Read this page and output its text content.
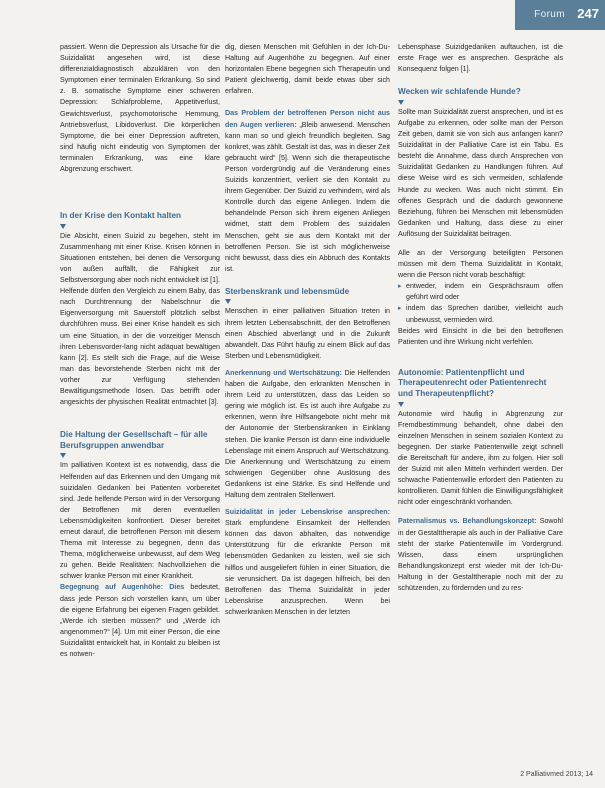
Forum 247

passiert. Wenn die Depression als Ursache für die Suizidalität angesehen wird, ist diese differenzialdiagnostisch abzuklären von den Symptomen einer terminalen Erkrankung. So sind z. B. somatische Symptome einer schweren Depression: Schlafprobleme, Appetitverlust, Gewichtsverlust, psychomotorische Hemmung, Antriebsverlust, Libidoverlust. Die körperlichen Symptome, die bei einer Depression auftreten, sind häufig nicht eindeutig von Symptomen der terminalen Erkrankung, was eine klare Abgrenzung erschwert.

In der Krise den Kontakt halten

Die Absicht, einen Suizid zu begehen, steht im Zusammenhang mit einer Krise. Krisen können in Situationen entstehen, bei denen die Versorgung von außen auffällt, die Fähigkeit zur Selbstversorgung aber noch nicht entwickelt ist [1]. Helfende dürfen den Vergleich zu einem Baby, das nach Durchtrennung der Nabelschnur die Eigenversorgung mit Sauerstoff plötzlich selbst durchführen muss. Bei einer Krise handelt es sich um eine Situation, in der die vorzeitiger Mensch ihren Lebensvorder-lang nicht adäquat bewältigen kann [2]. Es stellt sich die Frage, auf die Weise man das bevorstehende Sterben nicht mit der vorher zur Verfügung stehenden Bewältigungsmethode lösen. Das betrifft oder angesichts der physischen Realität entmachtet [3].

Die Haltung der Gesellschaft – für alle Berufsgruppen anwendbar

Im palliativen Kontext ist es notwendig, dass die Helfenden auf das Erkennen und den Umgang mit suizidalen Gedanken bei Patienten vorbereitet sind. Jede helfende Person wird in der Versorgung der Betroffenen mit deren eventuellen Lebensmüdigkeiten konfrontiert. Dieser bereitet erneut darauf, die betroffenen Person mit diesem Thema mit Interesse zu begegnen, denn das Thema, möglicherweise unbewusst, auf dem Weg zu gehen. Beide Realitäten: Nachvollziehen die schwer kranke Person mit einer Krankheit.

Begegnung auf Augenhöhe: Dies bedeutet, dass jede Person sich vorstellen kann, um über die eigene Erfahrung bei eigenen Fragen gebildet. „Werde ich sterben müssen?“ und „Werde ich angenommen?“ [4]. Um mit einer Person, die eine Suizidalität entwickelt hat, in Kontakt zu bleiben ist es notwen-

dig, diesen Menschen mit Gefühlen in der Ich-Du-Haltung auf Augenhöhe zu begegnen. Auf einer horizontalen Ebene begegnen sich Therapeutin und Patient gleichwertig, damit beide etwas über sich erfahren.

Das Problem der betroffenen Person nicht aus den Augen verlieren: „Bleib anwesend. Menschen kann man so und gleich freundlich begleiten. Sag konkret, was zählt. Gestalt ist das, was in dieser Zeit gebraucht wird“ [5]. Wenn sich die therapeutische Person vordergründig auf die Veränderung eines Suizids konzentriert, verliert sie den Kontakt zu ihrem Gegenüber. Der Suizid zu verhindern, wird als Kontrolle durch das eigene Anliegen. Indem die behandelnde Person sich ihrem eigenen Anliegen widmet, statt dem Problem des suizidalen Menschen, geht sie aus dem Kontakt mit der betroffenen Person. Sie ist sich möglicherweise nicht bewusst, dass dies ein Abbruch des Kontakts ist.

Sterbenskrank und lebensmüde

Menschen in einer palliativen Situation treten in ihrem letzten Lebensabschnitt, der den Betroffenen einen Abschied abverlangt und in die Zukunft abwandelt. Das Führt häufig zu einem Blick auf das Sterben und Lebensmüdigkeit.

Anerkennung und Wertschätzung: Die Helfenden haben die Aufgabe, den erkrankten Menschen in ihrem Leid zu unterstützen, dass das Leiden so gering wie möglich ist. Es ist auch ihre Aufgabe zu erkennen, wenn ihre Hilfsangebote nicht mehr mit der Autonomie der Sterbenskranken in Einklang stehen. Die kranke Person ist dann eine individuelle Lebenslage mit einem Anspruch auf Wertschätzung. Die Anerkennung und Wertschätzung zu einem schwierigen Gegenüber ohne Auslösung des Gedankens ist eine Stärke. Es sind Helfende und Haltung dem zentralen Stellenwert.

Suizidalität in jeder Lebenskrise ansprechen: Stark empfundene Einsamkeit der Helfenden können das davon abhalten, das notwendige Unterstützung für die erkrankte Person mit lebensmüden Gedanken zu leisten, weil sie sich hilflos und ausgeliefert fühlen in einer Situation, die sie verunsichert. Da ist dagegen hilfreich, bei den Betroffenen das Thema Suizidalität in jeder Lebenskrise anzusprechen. Wenn bei schwerkranken Menschen in der letzten

Lebensphase Suizidgedanken auftauchen, ist die erste Frage wer es ansprechen. Gespräche als Konsequenz folgen [1].

Wecken wir schlafende Hunde?

Sollte man Suizidalität zuerst ansprechen, und ist es Aufgabe zu erkennen, oder sollte man der Person Zeit geben, damit sie von sich aus anfangen kann? Suizidalität in der Palliative Care ist ein Tabu. Es besteht die Annahme, dass durch Ansprechen von Suizidalität Gedanken zu Handlungen führen. Auf diese Weise wird es sich vermeiden, schlafende Hunde zu wecken. Was auch nicht stimmt. Ein offenes Gespräch und die dadurch gewonnene Beziehung, führen bei Menschen mit lebensmüden Gedanken und Haltung, dass diese zu einer Auflösung der Suizidalität beitragen.

Alle an der Versorgung beteiligten Personen müssen mit dem Thema Suizidalität in Kontakt, wenn die Person nicht vorab beschäftigt:

▸ entweder, indem ein Gesprächsraum offen geführt wird oder
▸ indem das Sprechen darüber, vielleicht auch unbewusst, vermieden wird.

Beides wird Einsicht in die bei den betroffenen Patienten und ihre Wirkung nicht verfehlen.

Autonomie: Patientenpflicht und Therapeutenrecht oder Patientenrecht und Therapeutenpflicht?

Autonomie wird häufig in Abgrenzung zur Fremdbestimmung behandelt, ohne dabei den einzelnen Menschen in seinem sozialen Kontext zu begegnen. Der starke Patientenwille zeigt schnell die Bereitschaft für andere, ihm zu folgen. Hier soll der Suizid mit allen Mitteln verhindert werden. Der schwache Patientenwille erfordert den Patienten zu kontrollieren. Damit fühlen die Einwilligungsfähigkeit nicht oder eingeschränkt vorhanden.

Paternalismus vs. Behandlungskonzept: Sowohl in der Gestalttherapie als auch in der Palliative Care steht der starke Patientenwille im Vordergrund. Wissen, dass einem ursprünglichen Behandlungskonzept erst wieder mit der Ich-Du-Haltung in der Gestalttherapie noch mit der zu schützenden, zu fördernden und zu res-

2 Palliativmed 2013; 14
